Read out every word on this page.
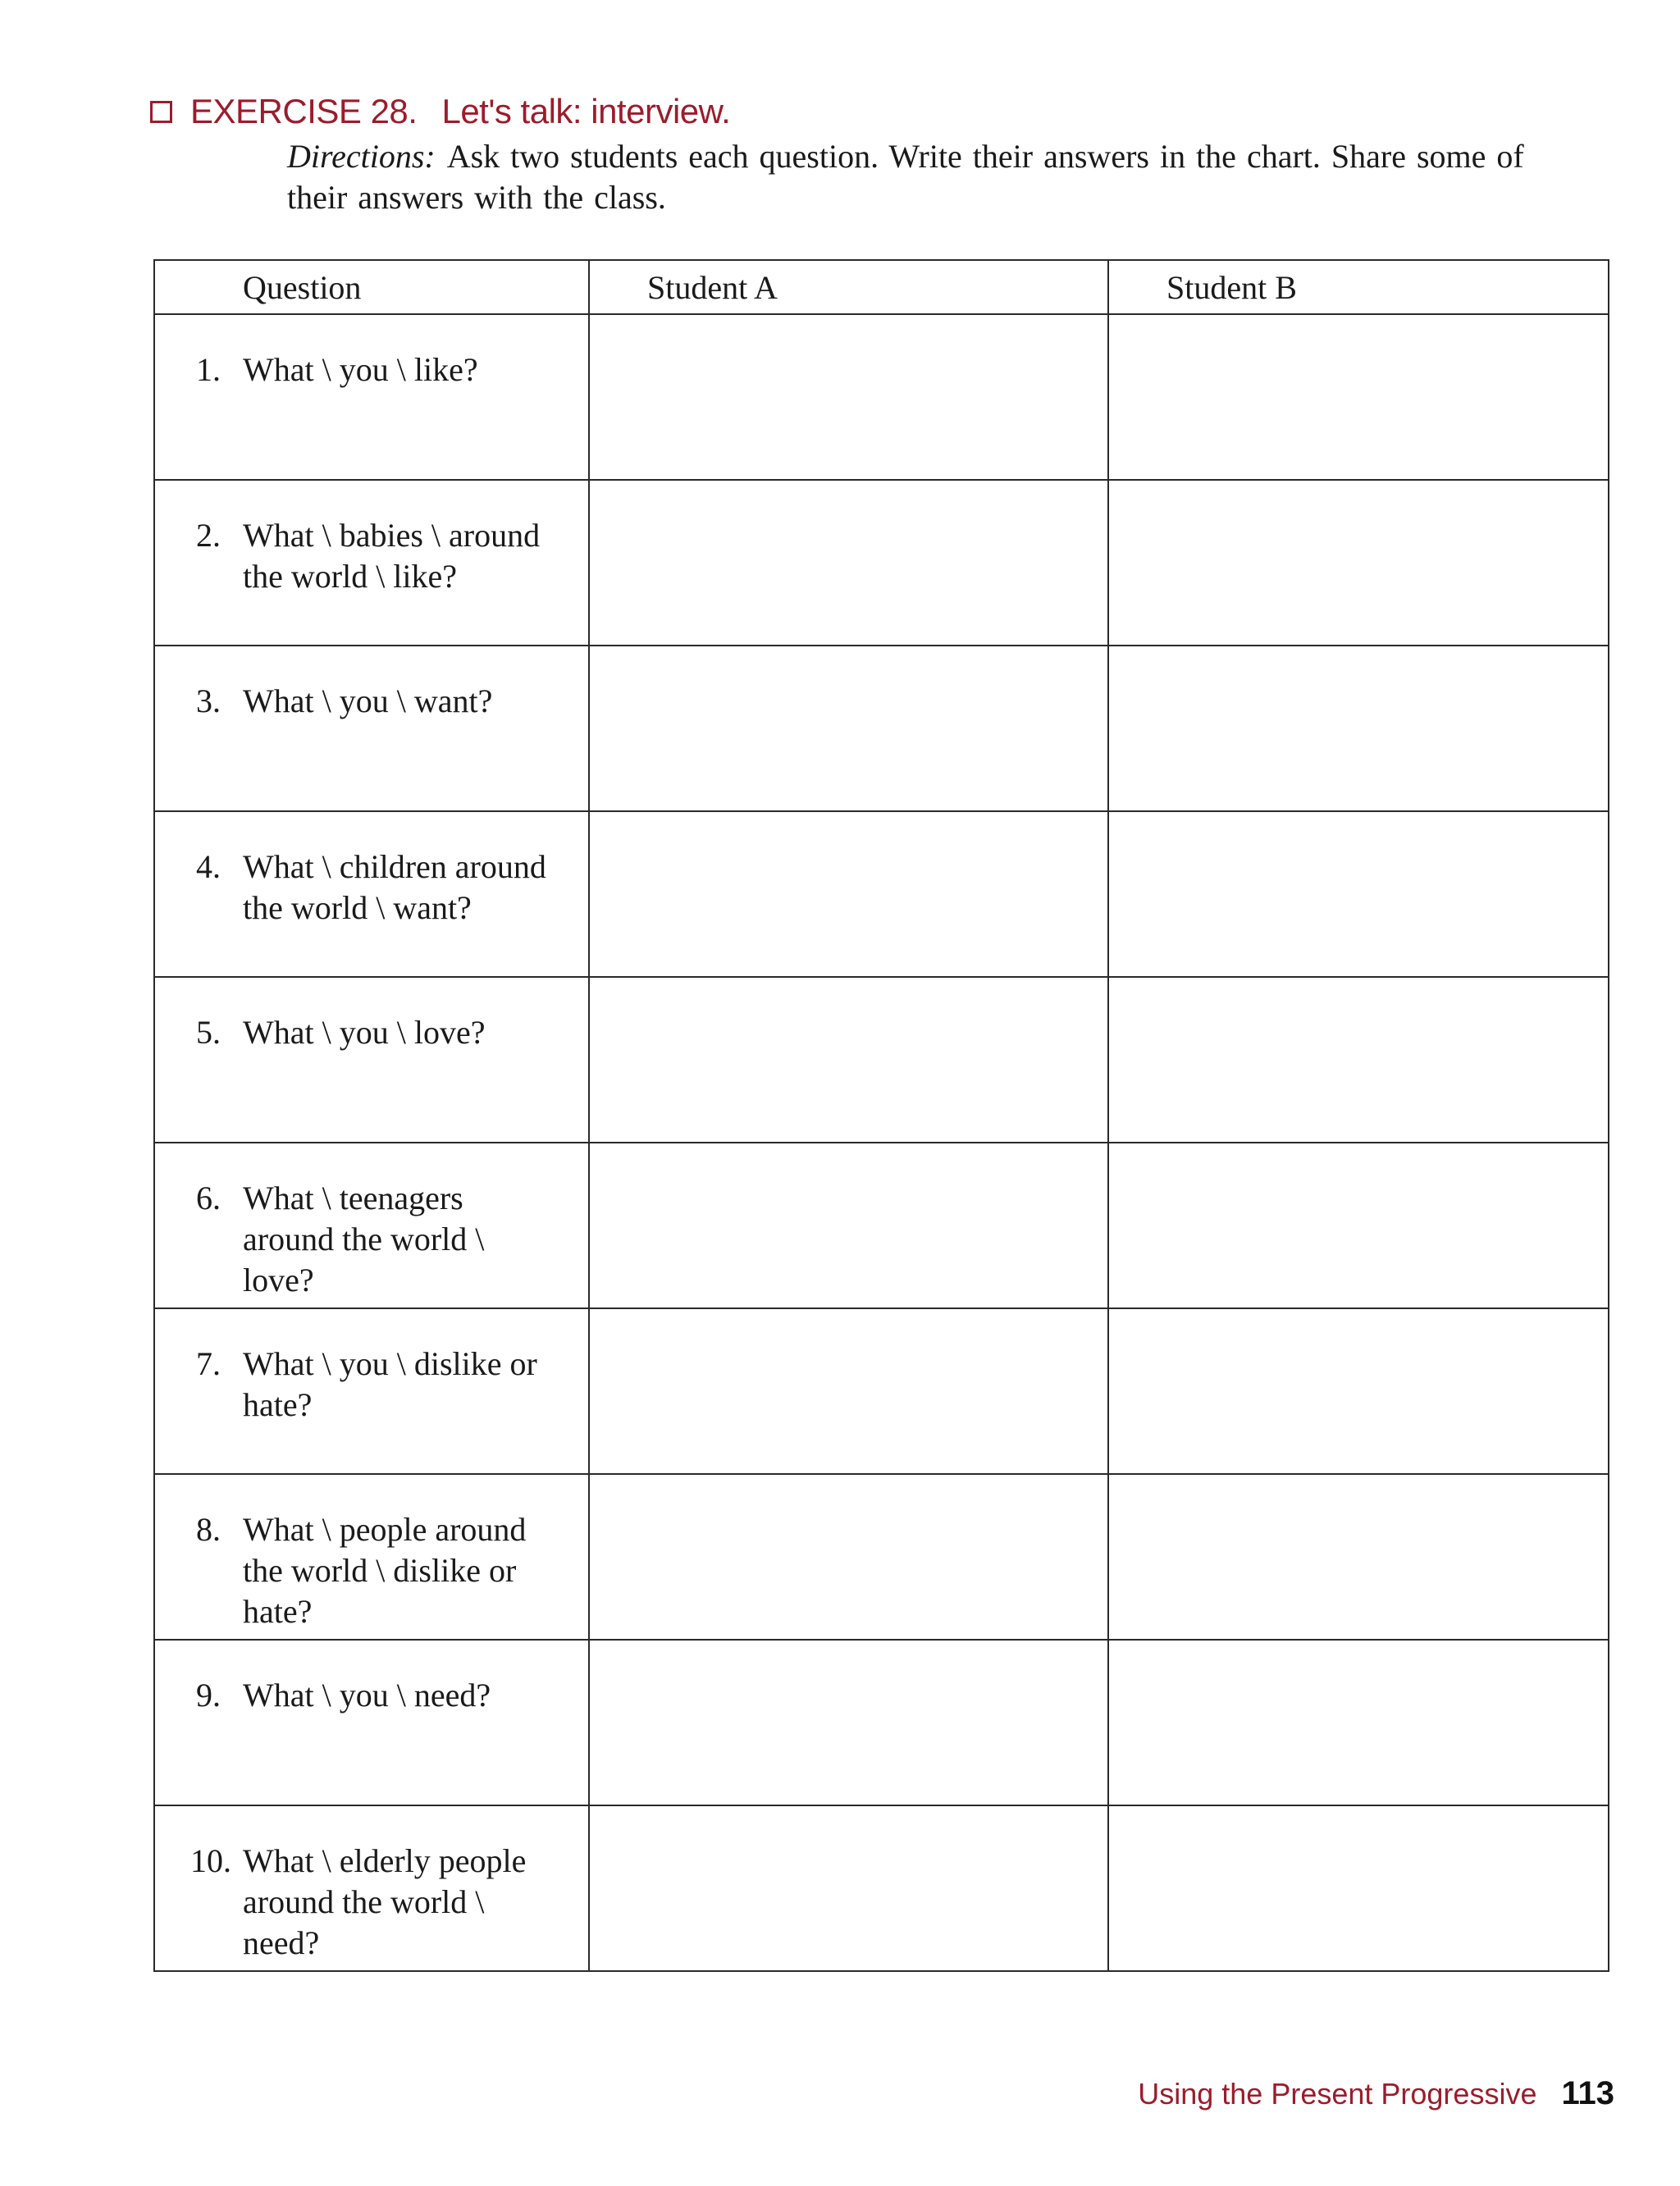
EXERCISE 28. Let's talk: interview.
Directions: Ask two students each question. Write their answers in the chart. Share some of their answers with the class.
Question	Student A	Student B

1. What \ you \ like?		

2. What \ babies \ around the world \ like?		

3. What \ you \ want?		

4. What \ children around the world \ want?		

5. What \ you \ love?		

6. What \ teenagers around the world \ love?		

7. What \ you \ dislike or hate?		

8. What \ people around the world \ dislike or hate?		

9. What \ you \ need?		

10. What \ elderly people around the world \ need?		

Using the Present Progressive 113
